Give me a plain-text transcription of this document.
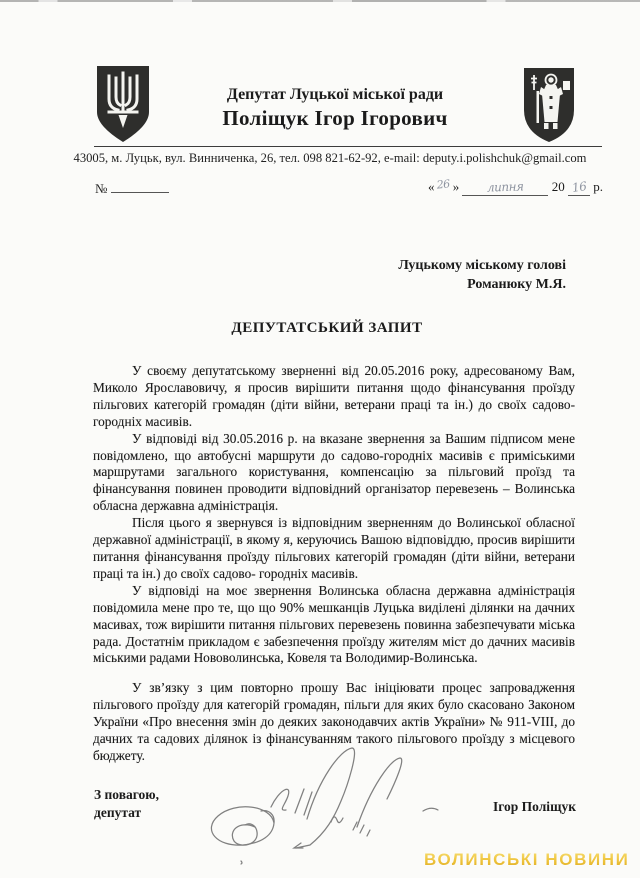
Депутат Луцької міської ради
Поліщук Ігор Ігорович
43005, м. Луцьк, вул. Винниченка, 26, тел. 098 821-62-92, e-mail: deputy.i.polishchuk@gmail.com
№	«  26  » липня 20 16 р.
Луцькому міському голові
Романюку М.Я.
ДЕПУТАТСЬКИЙ ЗАПИТ

У своєму депутатському зверненні від 20.05.2016 року, адресованому Вам, Миколо Ярославовичу, я просив вирішити питання щодо фінансування проїзду пільгових категорій громадян (діти війни, ветерани праці та ін.) до своїх садово-городніх масивів.

У відповіді від 30.05.2016 р. на вказане звернення за Вашим підписом мене повідомлено, що автобусні маршрути до садово-городніх масивів є приміськими маршрутами загального користування, компенсацію за пільговий проїзд та фінансування повинен проводити відповідний організатор перевезень – Волинська обласна державна адміністрація.

Після цього я звернувся із відповідним зверненням до Волинської обласної державної адміністрації, в якому я, керуючись Вашою відповіддю, просив вирішити питання фінансування проїзду пільгових категорій громадян (діти війни, ветерани праці та ін.) до своїх садово- городніх масивів.

У відповіді на моє звернення Волинська обласна державна адміністрація повідомила мене про те, що що 90% мешканців Луцька виділені ділянки на дачних масивах, тож вирішити питання пільгових перевезень повинна забезпечувати міська рада. Достатнім прикладом є забезпечення проїзду жителям міст до дачних масивів міськими радами Нововолинська, Ковеля та Володимир-Волинська.

У зв’язку з цим повторно прошу Вас ініціювати процес запровадження пільгового проїзду для категорій громадян, пільги для яких було скасовано Законом України «Про внесення змін до деяких законодавчих актів України» № 911-VIII, до дачних та садових ділянок із фінансуванням такого пільгового проїзду з місцевого бюджету.

З повагою,
депутат	Ігор Поліщук
ВОЛИНСЬКІ НОВИНИ
